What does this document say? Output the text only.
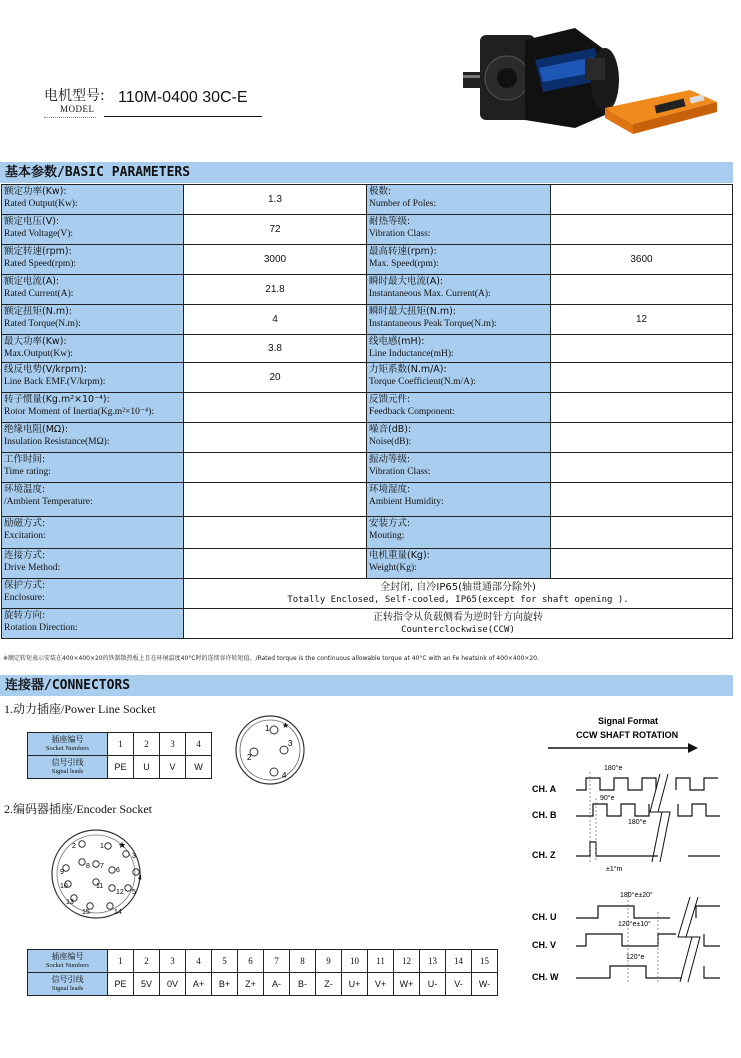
电机型号:
MODEL
110M-0400 30C-E
基本参数/BASIC PARAMETERS
额定功率(Kw):
Rated Output(Kw):	1.3	极数:
Number of Poles:	

额定电压(V):
Rated Voltage(V):	72	耐热等级:
Vibration Class:	

额定转速(rpm):
Rated Speed(rpm):	3000	最高转速(rpm):
Max. Speed(rpm):	3600

额定电流(A):
Rated Current(A):	21.8	瞬时最大电流(A):
Instantaneous Max. Current(A):	

额定扭矩(N.m):
Rated Torque(N.m):	4	瞬时最大扭矩(N.m):
Instantaneous Peak Torque(N.m):	12

最大功率(Kw):
Max.Output(Kw):	3.8	线电感(mH):
Line Inductance(mH):	

线反电势(V/krpm):
Line Back EMF.(V/krpm):	20	力矩系数(N.m/A):
Torque Coefficient(N.m/A):	

转子惯量(Kg.m²×10⁻⁴):
Rotor Moment of Inertia(Kg.m²×10⁻⁴):		反馈元件:
Feedback Component:	

绝缘电阻(MΩ):
Insulation Resistance(MΩ):		噪音(dB):
Noise(dB):	

工作时间:
Time rating:		振动等级:
Vibration Class:	

环境温度:
/Ambient Temperature:		环境湿度:
Ambient Humidity:	

励磁方式:
Excitation:		安装方式:
Mouting:	

连接方式:
Drive Method:		电机重量(Kg):
Weight(Kg):	

保护方式:
Enclosure:	全封闭, 自冷IP65(轴贯通部分除外)
Totally Enclosed, Self-cooled, IP65(except for shaft opening ).		

旋转方向:
Rotation Direction:	正转指令从负载侧看为逆时针方向旋转
Counterclockwise(CCW)		
※额定转矩表示安装在400×400×20的铁制散热板上且在环境温度40°C时的连续容许转矩值。/Rated torque is the continuous allowable torque at 40°C with an Fe heatsink of 400×400×20.
连接器/CONNECTORS
1.动力插座/Power Line Socket
插座编号
Socket Numbers	1	2	3	4
信号引线
Signal leads	PE	U	V	W
1
2
3
4
★
2.编码器插座/Encoder Socket
1
2
3
4
5
6
7
8
9
10	11
12
13
14
15
★
插座编号
Socket Numbers	1	2	3	4	5	6	7	8	9	10	11	12	13	14	15
信号引线
Signal leads	PE	5V	0V	A+	B+	Z+	A-	B-	Z-	U+	V+	W+	U-	V-	W-
Signal Format
CCW SHAFT ROTATION
CH. A
CH. B
CH. Z
CH. U
CH. V
CH. W
180°e
90°e
180°e
±1°m
180°e±20°
120°e±10°
120°e
